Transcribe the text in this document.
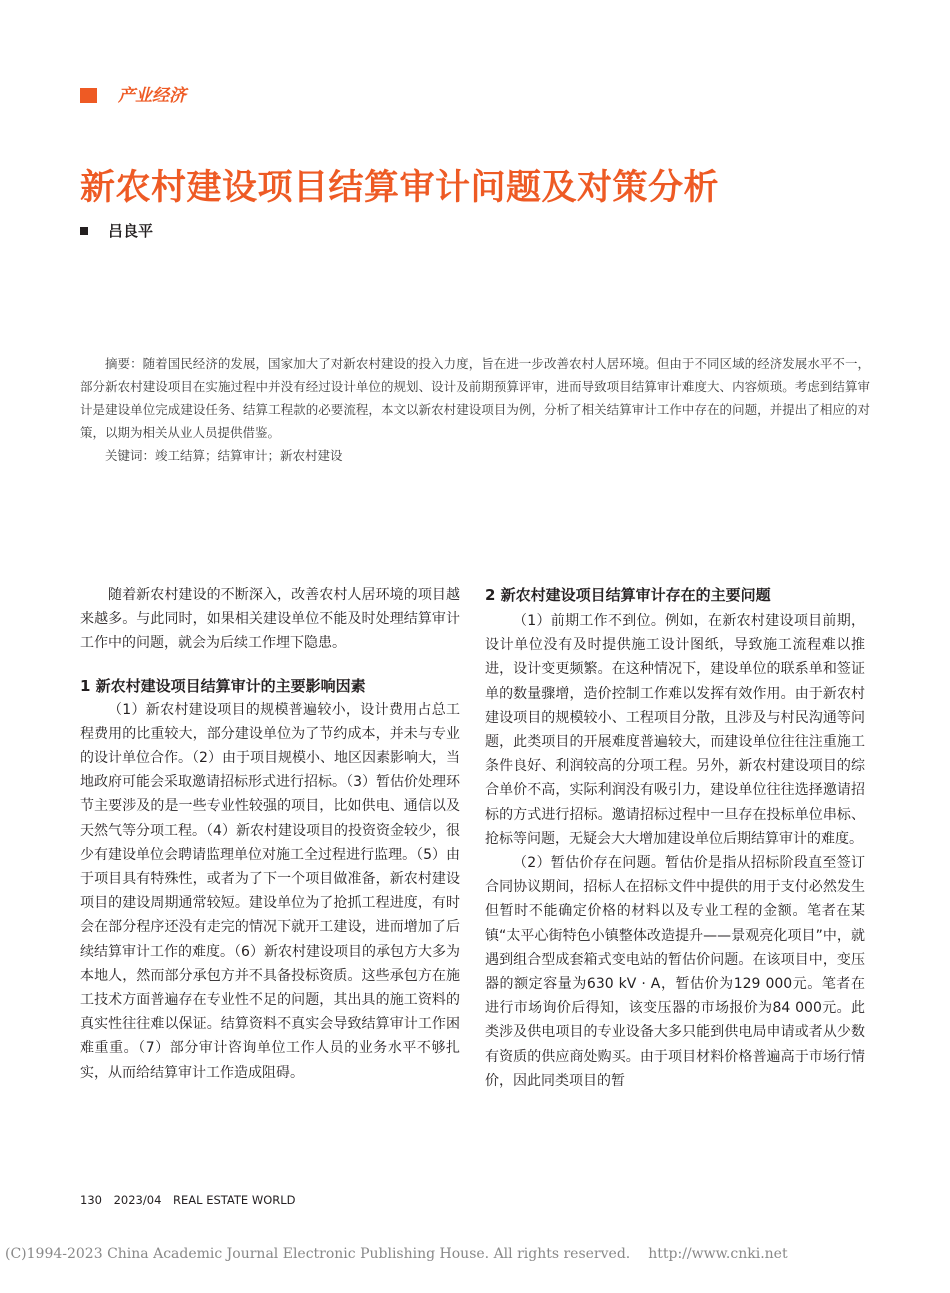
产业经济
新农村建设项目结算审计问题及对策分析
吕良平

摘要：随着国民经济的发展，国家加大了对新农村建设的投入力度，旨在进一步改善农村人居环境。但由于不同区域的经济发展水平不一，部分新农村建设项目在实施过程中并没有经过设计单位的规划、设计及前期预算评审，进而导致项目结算审计难度大、内容烦琐。考虑到结算审计是建设单位完成建设任务、结算工程款的必要流程，本文以新农村建设项目为例，分析了相关结算审计工作中存在的问题，并提出了相应的对策，以期为相关从业人员提供借鉴。

关键词：竣工结算；结算审计；新农村建设

随着新农村建设的不断深入，改善农村人居环境的项目越来越多。与此同时，如果相关建设单位不能及时处理结算审计工作中的问题，就会为后续工作埋下隐患。

1 新农村建设项目结算审计的主要影响因素

（1）新农村建设项目的规模普遍较小，设计费用占总工程费用的比重较大，部分建设单位为了节约成本，并未与专业的设计单位合作。（2）由于项目规模小、地区因素影响大，当地政府可能会采取邀请招标形式进行招标。（3）暂估价处理环节主要涉及的是一些专业性较强的项目，比如供电、通信以及天然气等分项工程。（4）新农村建设项目的投资资金较少，很少有建设单位会聘请监理单位对施工全过程进行监理。（5）由于项目具有特殊性，或者为了下一个项目做准备，新农村建设项目的建设周期通常较短。建设单位为了抢抓工程进度，有时会在部分程序还没有走完的情况下就开工建设，进而增加了后续结算审计工作的难度。（6）新农村建设项目的承包方大多为本地人，然而部分承包方并不具备投标资质。这些承包方在施工技术方面普遍存在专业性不足的问题，其出具的施工资料的真实性往往难以保证。结算资料不真实会导致结算审计工作困难重重。（7）部分审计咨询单位工作人员的业务水平不够扎实，从而给结算审计工作造成阻碍。

2 新农村建设项目结算审计存在的主要问题

（1）前期工作不到位。例如，在新农村建设项目前期，设计单位没有及时提供施工设计图纸，导致施工流程难以推进，设计变更频繁。在这种情况下，建设单位的联系单和签证单的数量骤增，造价控制工作难以发挥有效作用。由于新农村建设项目的规模较小、工程项目分散，且涉及与村民沟通等问题，此类项目的开展难度普遍较大，而建设单位往往注重施工条件良好、利润较高的分项工程。另外，新农村建设项目的综合单价不高，实际利润没有吸引力，建设单位往往选择邀请招标的方式进行招标。邀请招标过程中一旦存在投标单位串标、抢标等问题，无疑会大大增加建设单位后期结算审计的难度。

（2）暂估价存在问题。暂估价是指从招标阶段直至签订合同协议期间，招标人在招标文件中提供的用于支付必然发生但暂时不能确定价格的材料以及专业工程的金额。笔者在某镇“太平心街特色小镇整体改造提升——景观亮化项目”中，就遇到组合型成套箱式变电站的暂估价问题。在该项目中，变压器的额定容量为630 kV · A，暂估价为129 000元。笔者在进行市场询价后得知，该变压器的市场报价为84 000元。此类涉及供电项目的专业设备大多只能到供电局申请或者从少数有资质的供应商处购买。由于项目材料价格普遍高于市场行情价，因此同类项目的暂

130 2023/04 REAL ESTATE WORLD
(C)1994-2023 China Academic Journal Electronic Publishing House. All rights reserved. http://www.cnki.net
